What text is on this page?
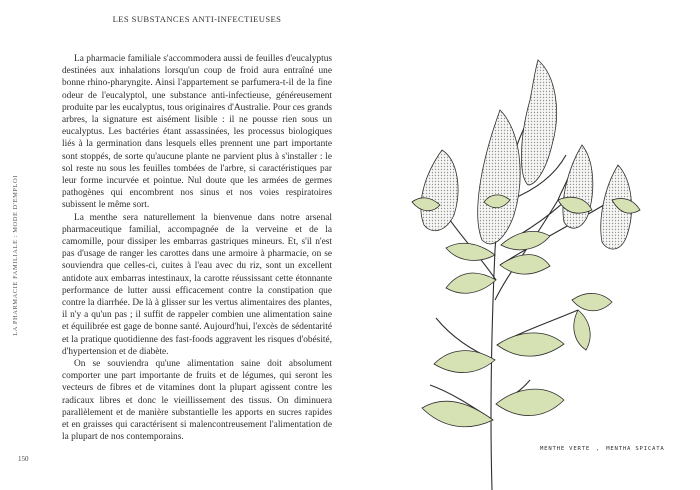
LES SUBSTANCES ANTI-INFECTIEUSES
LA PHARMACIE FAMILIALE : MODE D'EMPLOI

La pharmacie familiale s'accommodera aussi de feuilles d'eucalyptus destinées aux inhalations lorsqu'un coup de froid aura entraîné une bonne rhino-pharyngite. Ainsi l'appartement se parfumera-t-il de la fine odeur de l'eucalyptol, une substance anti-infectieuse, généreusement produite par les eucalyptus, tous originaires d'Australie. Pour ces grands arbres, la signature est aisément lisible : il ne pousse rien sous un eucalyptus. Les bactéries étant assassinées, les processus biologiques liés à la germination dans lesquels elles prennent une part importante sont stoppés, de sorte qu'aucune plante ne parvient plus à s'installer : le sol reste nu sous les feuilles tombées de l'arbre, si caractéristiques par leur forme incurvée et pointue. Nul doute que les armées de germes pathogènes qui encombrent nos sinus et nos voies respiratoires subissent le même sort.

La menthe sera naturellement la bienvenue dans notre arsenal pharmaceutique familial, accompagnée de la verveine et de la camomille, pour dissiper les embarras gastriques mineurs. Et, s'il n'est pas d'usage de ranger les carottes dans une armoire à pharmacie, on se souviendra que celles-ci, cuites à l'eau avec du riz, sont un excellent antidote aux embarras intestinaux, la carotte réussissant cette étonnante performance de lutter aussi efficacement contre la constipation que contre la diarrhée. De là à glisser sur les vertus alimentaires des plantes, il n'y a qu'un pas ; il suffit de rappeler combien une alimentation saine et équilibrée est gage de bonne santé. Aujourd'hui, l'excès de sédentarité et la pratique quotidienne des fast-foods aggravent les risques d'obésité, d'hypertension et de diabète.

On se souviendra qu'une alimentation saine doit absolument comporter une part importante de fruits et de légumes, qui seront les vecteurs de fibres et de vitamines dont la plupart agissent contre les radicaux libres et donc le vieillissement des tissus. On diminuera parallèlement et de manière substantielle les apports en sucres rapides et en graisses qui caractérisent si malencontreusement l'alimentation de la plupart de nos contemporains.

150
MENTHE VERTE , MENTHA SPICATA
